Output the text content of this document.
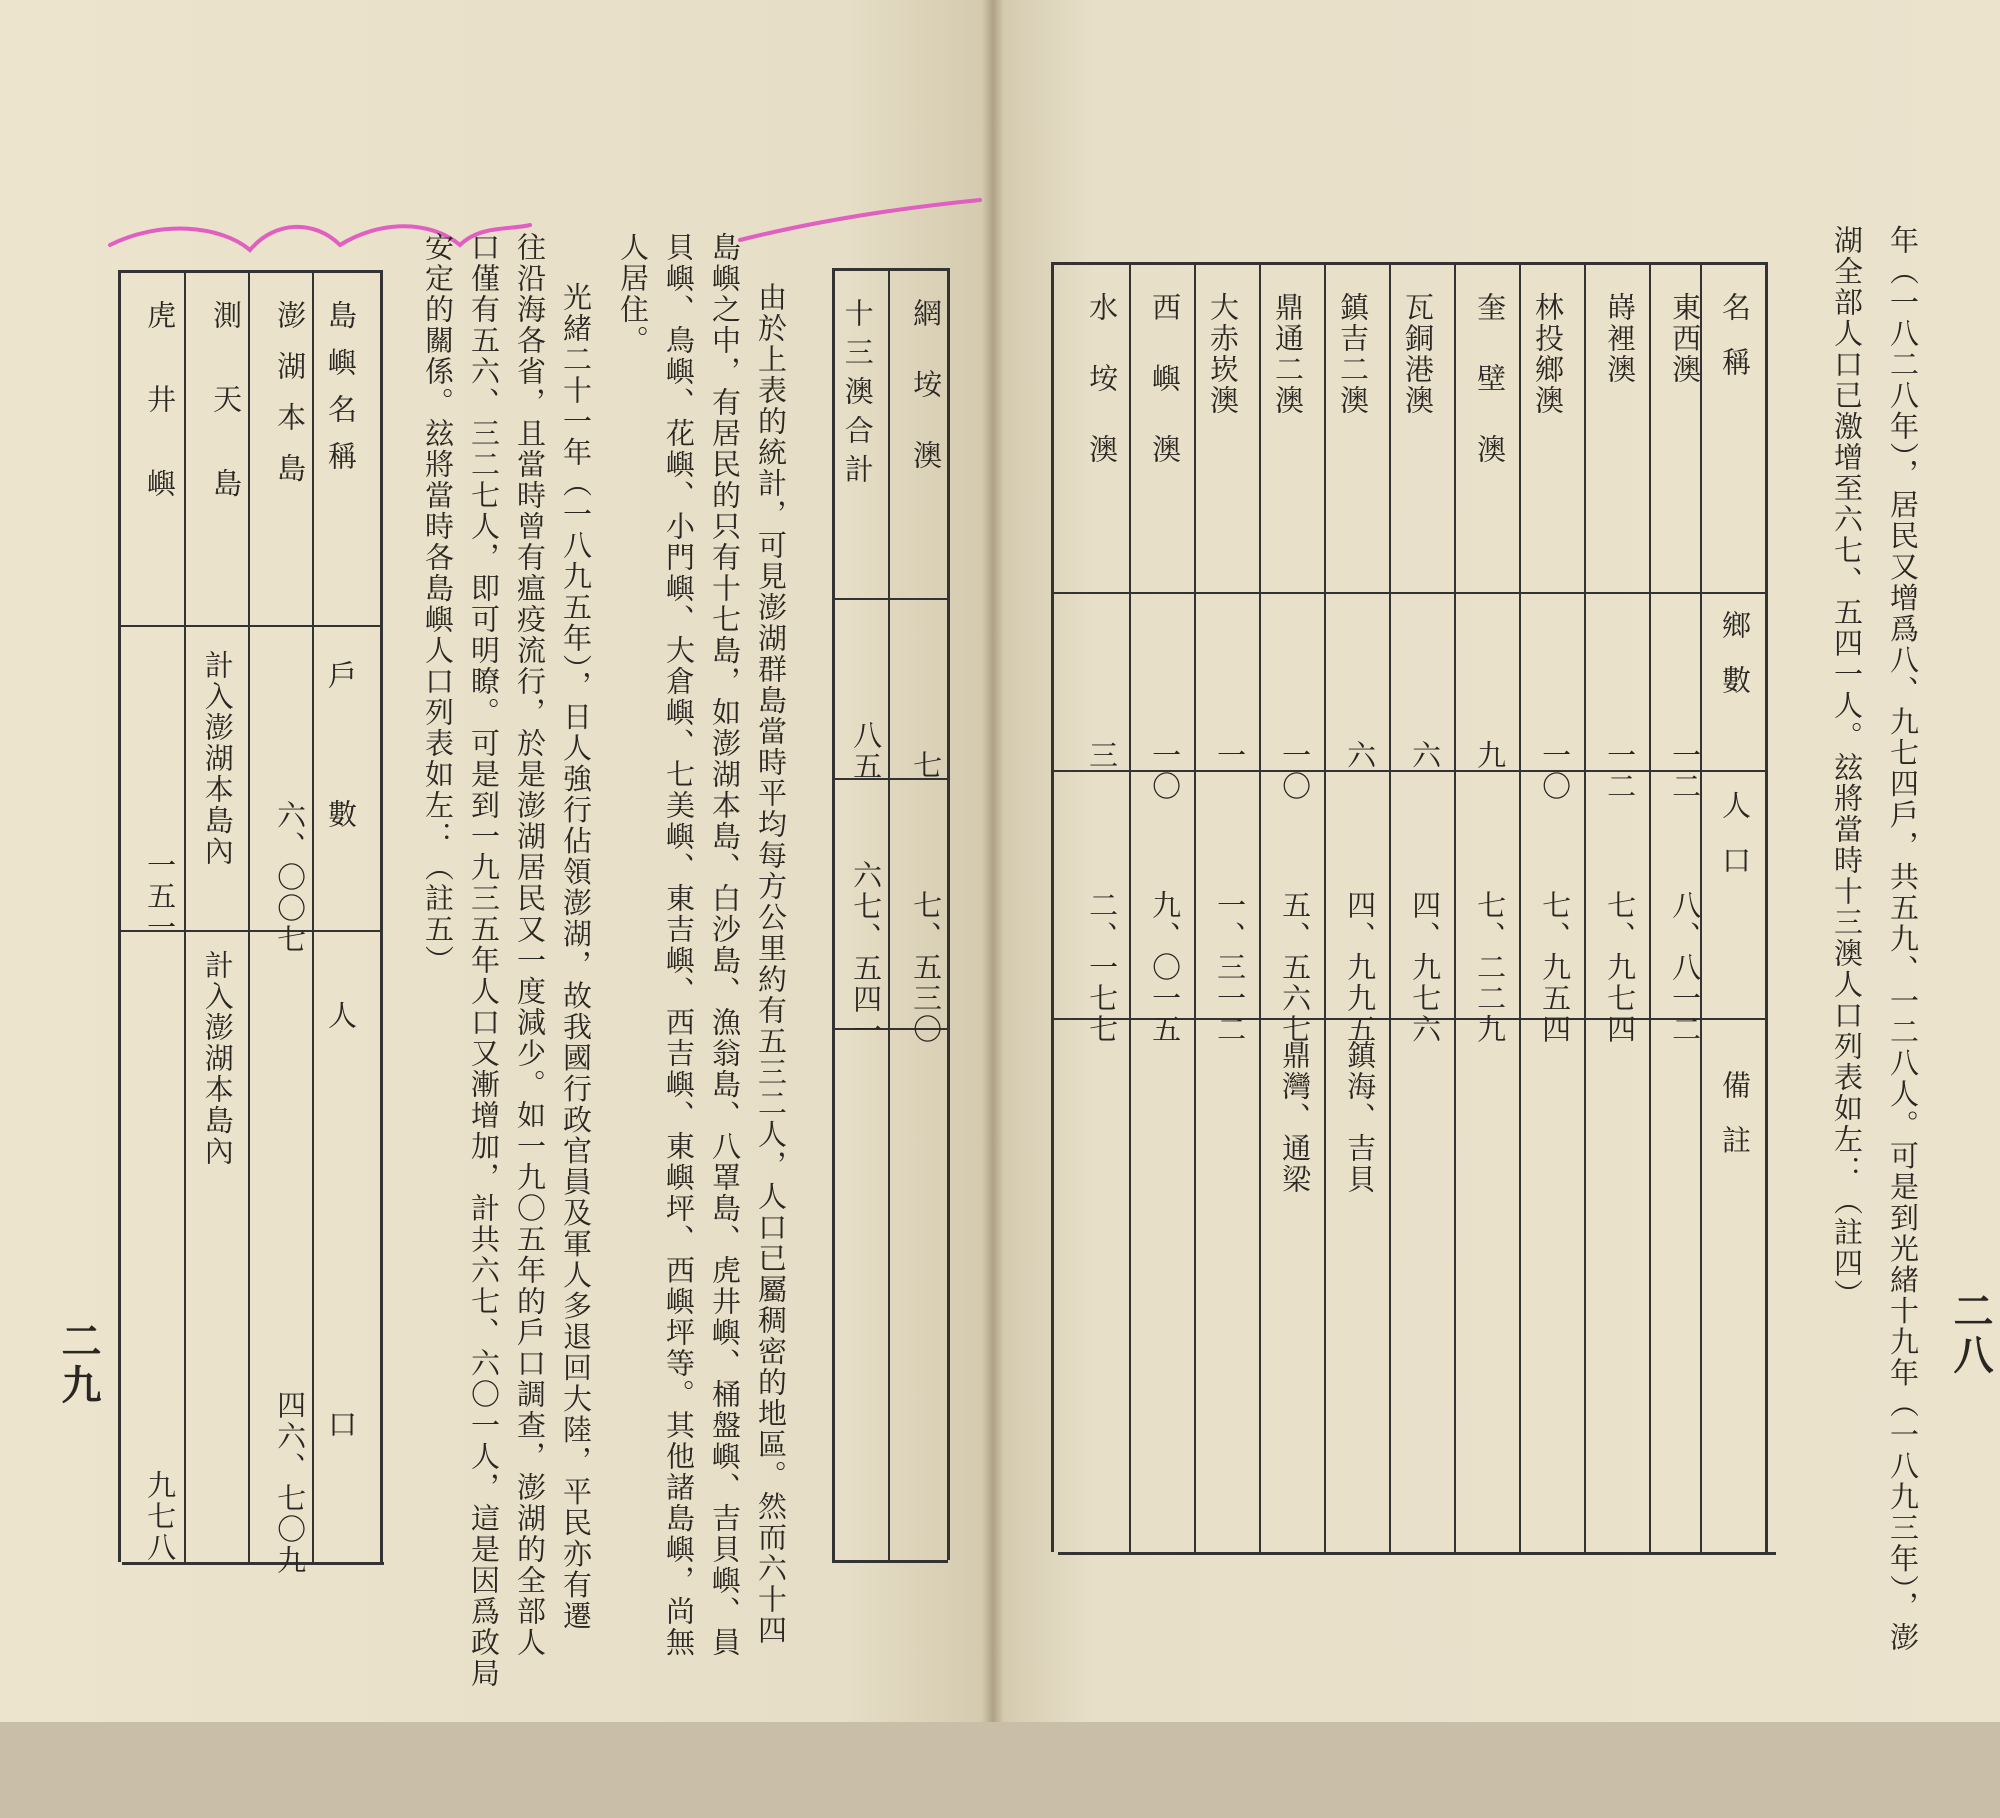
二八
年（一八二八年），居民又增爲八、九七四戶，共五九、一二八人。可是到光緒十九年（一八九三年），澎
湖全部人口已激增至六七、五四一人。玆將當時十三澳人口列表如左：（註四）
名稱
鄉數
人口
備註
東西澳
一二
八、八一二
嵵裡澳
一二
七、九七四
林投鄉澳
一〇
七、九五四
奎壁澳
九
七、二二九
瓦銅港澳
六
四、九七六
鎮吉二澳
六
四、九九五
鎮海、吉貝
鼎通二澳
一〇
五、五六七
鼎灣、通梁
大赤崁澳
一
一、三一二
西嶼澳
一〇
九、〇一五
水垵澳
三
二、一七七
二九
網垵澳
七
七、五三〇
十三澳合計
八五
六七、五四一
由於上表的統計，可見澎湖群島當時平均每方公里約有五三二人，人口已屬稠密的地區。然而六十四
島嶼之中，有居民的只有十七島，如澎湖本島、白沙島、漁翁島、八罩島、虎井嶼、桶盤嶼、吉貝嶼、員
貝嶼、鳥嶼、花嶼、小門嶼、大倉嶼、七美嶼、東吉嶼、西吉嶼、東嶼坪、西嶼坪等。其他諸島嶼，尚無
人居住。
光緒二十一年（一八九五年），日人強行佔領澎湖，故我國行政官員及軍人多退回大陸，平民亦有遷
往沿海各省，且當時曾有瘟疫流行，於是澎湖居民又一度減少。如一九〇五年的戶口調查，澎湖的全部人
口僅有五六、三二七人，即可明瞭。可是到一九三五年人口又漸增加，計共六七、六〇一人，這是因爲政局
安定的關係。玆將當時各島嶼人口列表如左：（註五）
島嶼名稱
戶數
人口
澎湖本島
六、〇〇七
四六、七〇九
測天島
計入澎湖本島內
計入澎湖本島內
虎井嶼
一五一
九七八
